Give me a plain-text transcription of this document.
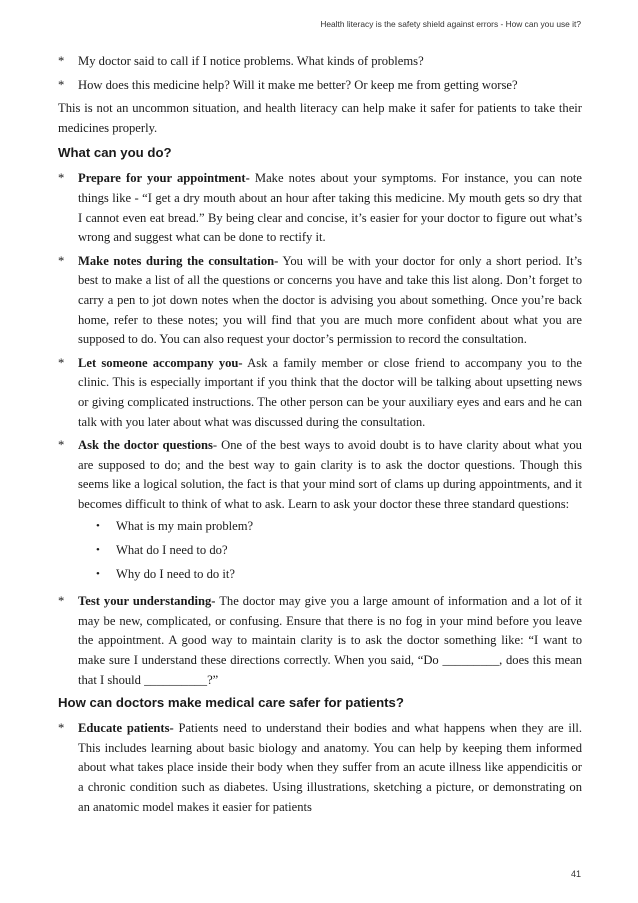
Health literacy is the safety shield against errors - How can you use it?
*	My doctor said to call if I notice problems. What kinds of problems?
*	How does this medicine help? Will it make me better? Or keep me from getting worse?

This is not an uncommon situation, and health literacy can help make it safer for patients to take their medicines properly.

What can you do?
*	Prepare for your appointment- Make notes about your symptoms. For instance, you can note things like - “I get a dry mouth about an hour after taking this medicine. My mouth gets so dry that I cannot even eat bread.” By being clear and concise, it’s easier for your doctor to figure out what’s wrong and suggest what can be done to rectify it.
*	Make notes during the consultation- You will be with your doctor for only a short period. It’s best to make a list of all the questions or concerns you have and take this list along. Don’t forget to carry a pen to jot down notes when the doctor is advising you about something. Once you’re back home, refer to these notes; you will find that you are much more confident about what you are supposed to do. You can also request your doctor’s permission to record the consultation.
*	Let someone accompany you- Ask a family member or close friend to accompany you to the clinic. This is especially important if you think that the doctor will be talking about upsetting news or giving complicated instructions. The other person can be your auxiliary eyes and ears and he can talk with you later about what was discussed during the consultation.
*	Ask the doctor questions- One of the best ways to avoid doubt is to have clarity about what you are supposed to do; and the best way to gain clarity is to ask the doctor questions. Though this seems like a logical solution, the fact is that your mind sort of clams up during appointments, and it becomes difficult to think of what to ask. Learn to ask your doctor these three standard questions:
•	What is my main problem?
•	What do I need to do?
•	Why do I need to do it?
*	Test your understanding- The doctor may give you a large amount of information and a lot of it may be new, complicated, or confusing. Ensure that there is no fog in your mind before you leave the appointment. A good way to maintain clarity is to ask the doctor something like: “I want to make sure I understand these directions correctly. When you said, “Do _________, does this mean that I should __________?”
How can doctors make medical care safer for patients?
*	Educate patients- Patients need to understand their bodies and what happens when they are ill. This includes learning about basic biology and anatomy. You can help by keeping them informed about what takes place inside their body when they suffer from an acute illness like appendicitis or a chronic condition such as diabetes. Using illustrations, sketching a picture, or demonstrating on an anatomic model makes it easier for patients
41
